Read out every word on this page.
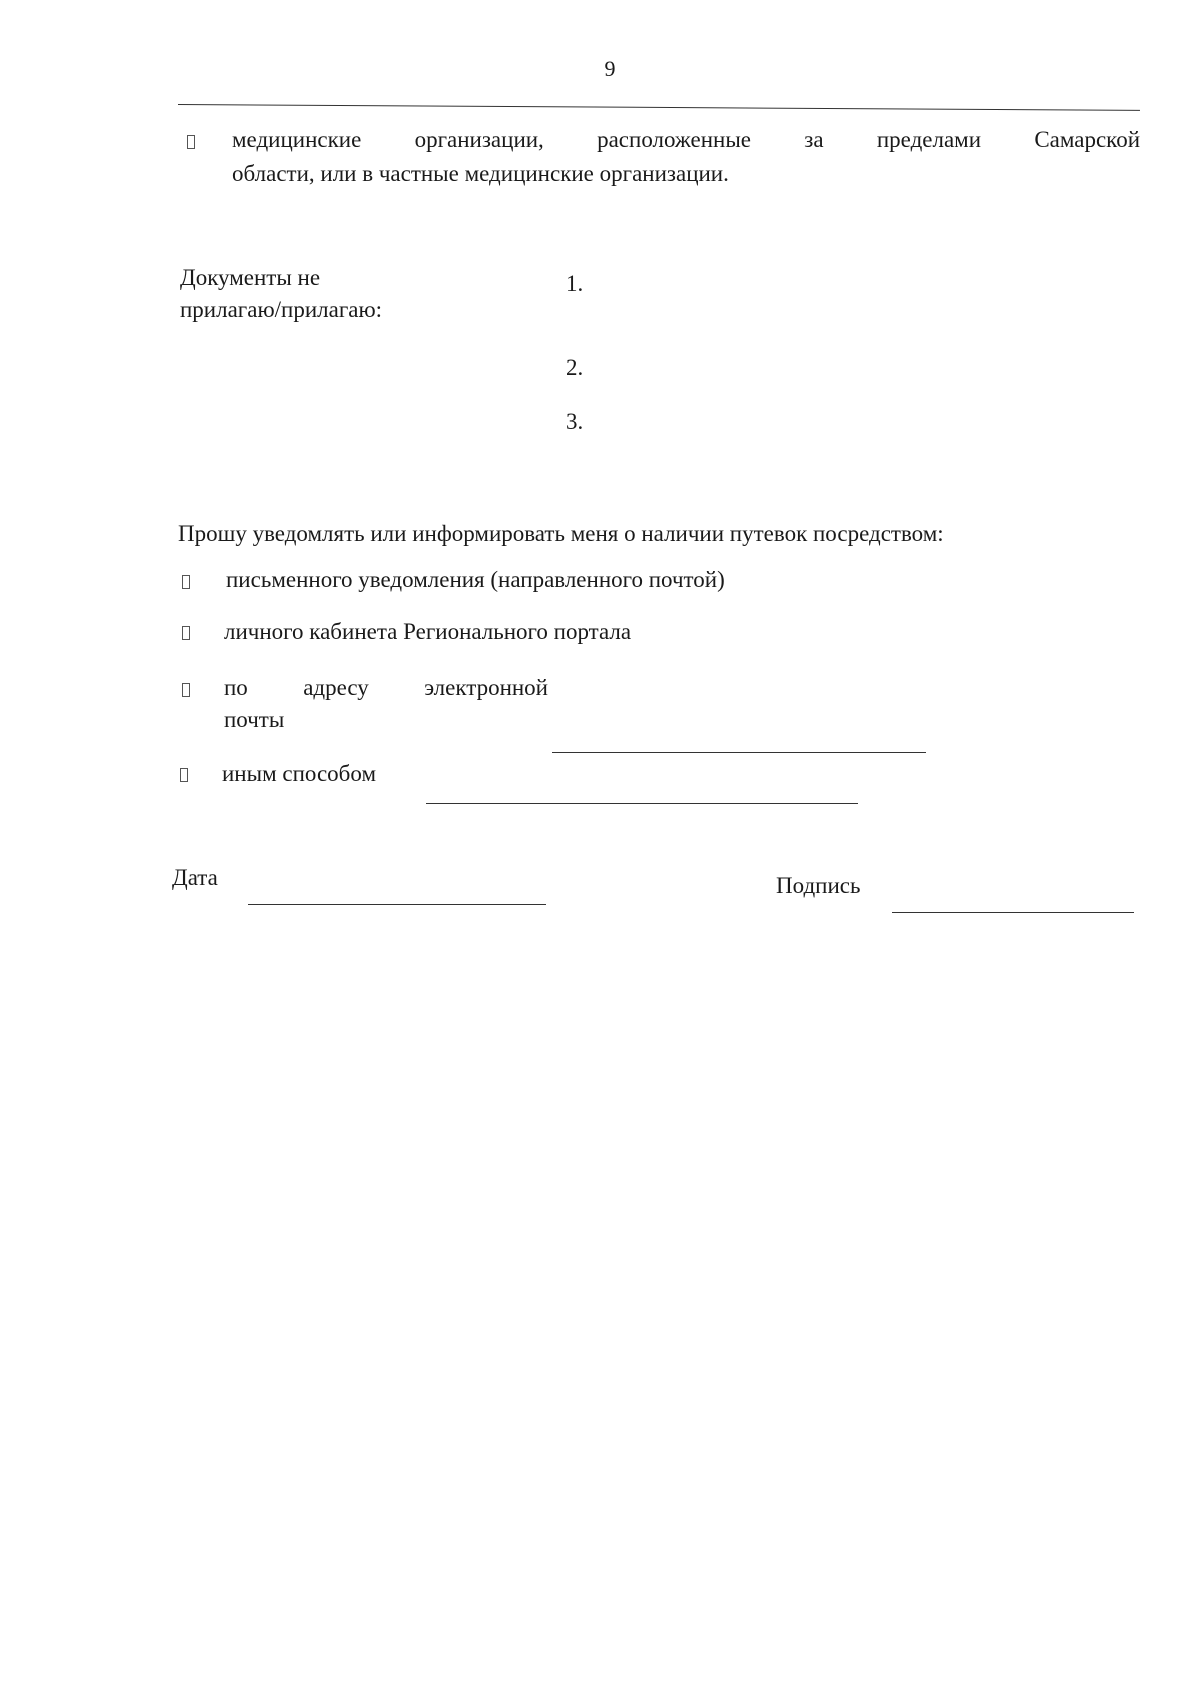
9
медицинские организации, расположенные за пределами Самарской
области, или в частные медицинские организации.
Документы не
прилагаю/прилагаю:
1.
2.
3.
Прошу уведомлять или информировать меня о наличии путевок посредством:
письменного уведомления (направленного почтой)
личного кабинета Регионального портала
по адресу электронной
почты
иным способом
Дата	Подпись
